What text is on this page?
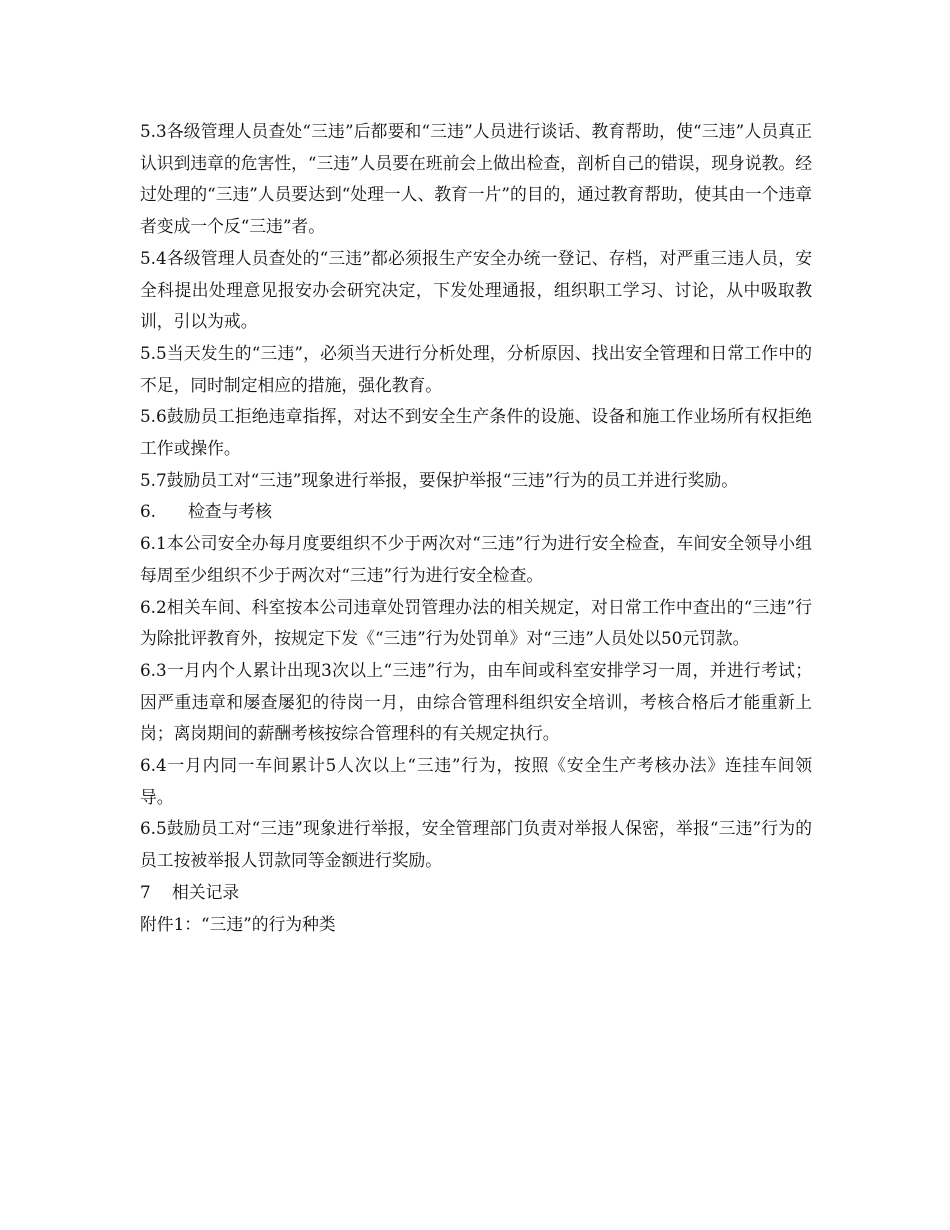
5.3各级管理人员查处“三违”后都要和“三违”人员进行谈话、教育帮助，使“三违”人员真正认识到违章的危害性，“三违”人员要在班前会上做出检查，剖析自己的错误，现身说教。经过处理的“三违”人员要达到“处理一人、教育一片”的目的，通过教育帮助，使其由一个违章者变成一个反“三违”者。

5.4各级管理人员查处的“三违”都必须报生产安全办统一登记、存档，对严重三违人员，安全科提出处理意见报安办会研究决定，下发处理通报，组织职工学习、讨论，从中吸取教训，引以为戒。

5.5当天发生的“三违”，必须当天进行分析处理，分析原因、找出安全管理和日常工作中的不足，同时制定相应的措施，强化教育。

5.6鼓励员工拒绝违章指挥，对达不到安全生产条件的设施、设备和施工作业场所有权拒绝工作或操作。

5.7鼓励员工对“三违”现象进行举报，要保护举报“三违”行为的员工并进行奖励。

6. 检查与考核

6.1本公司安全办每月度要组织不少于两次对“三违”行为进行安全检查，车间安全领导小组每周至少组织不少于两次对“三违”行为进行安全检查。

6.2相关车间、科室按本公司违章处罚管理办法的相关规定，对日常工作中查出的“三违”行为除批评教育外，按规定下发《“三违”行为处罚单》对“三违”人员处以50元罚款。

6.3一月内个人累计出现3次以上“三违”行为，由车间或科室安排学习一周，并进行考试；因严重违章和屡查屡犯的待岗一月，由综合管理科组织安全培训，考核合格后才能重新上岗；离岗期间的薪酬考核按综合管理科的有关规定执行。

6.4一月内同一车间累计5人次以上“三违”行为，按照《安全生产考核办法》连挂车间领导。

6.5鼓励员工对“三违”现象进行举报，安全管理部门负责对举报人保密，举报“三违”行为的员工按被举报人罚款同等金额进行奖励。

7 相关记录

附件1：“三违”的行为种类
